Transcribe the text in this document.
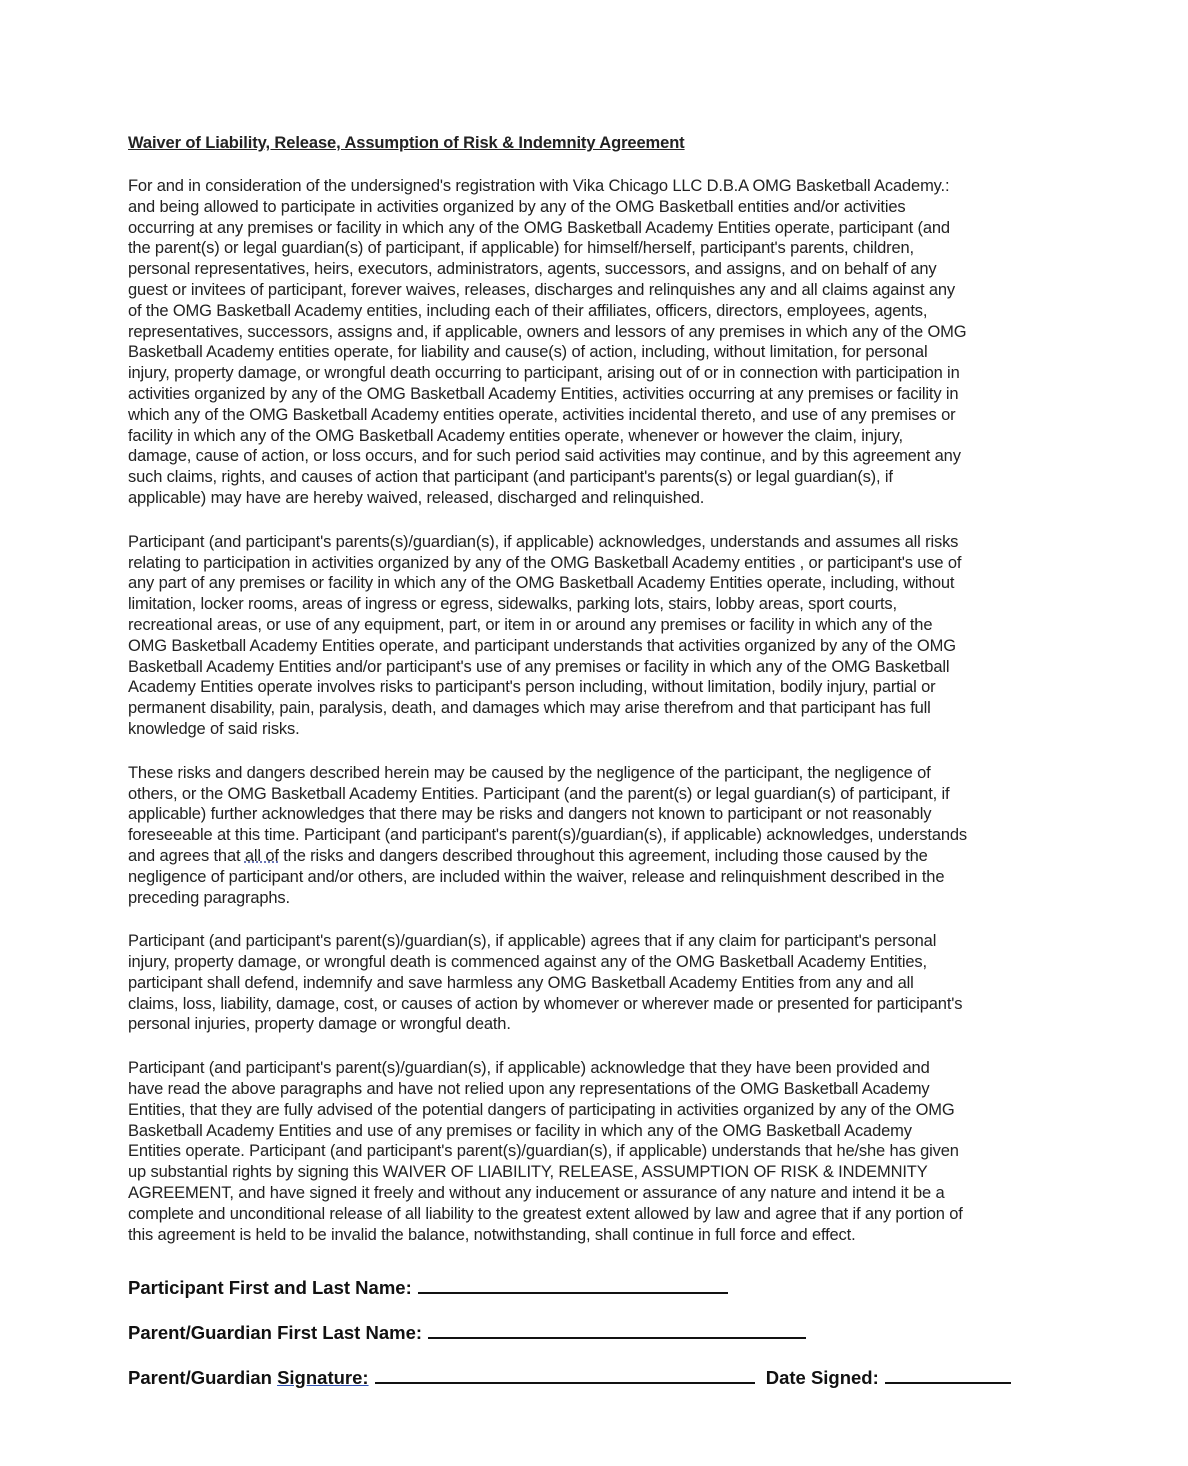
Waiver of Liability, Release, Assumption of Risk & Indemnity Agreement

For and in consideration of the undersigned's registration with Vika Chicago LLC D.B.A OMG Basketball Academy.:
and being allowed to participate in activities organized by any of the OMG Basketball entities and/or activities
occurring at any premises or facility in which any of the OMG Basketball Academy Entities operate, participant (and
the parent(s) or legal guardian(s) of participant, if applicable) for himself/herself, participant's parents, children,
personal representatives, heirs, executors, administrators, agents, successors, and assigns, and on behalf of any
guest or invitees of participant, forever waives, releases, discharges and relinquishes any and all claims against any
of the OMG Basketball Academy entities, including each of their affiliates, officers, directors, employees, agents,
representatives, successors, assigns and, if applicable, owners and lessors of any premises in which any of the OMG
Basketball Academy entities operate, for liability and cause(s) of action, including, without limitation, for personal
injury, property damage, or wrongful death occurring to participant, arising out of or in connection with participation in
activities organized by any of the OMG Basketball Academy Entities, activities occurring at any premises or facility in
which any of the OMG Basketball Academy entities operate, activities incidental thereto, and use of any premises or
facility in which any of the OMG Basketball Academy entities operate, whenever or however the claim, injury,
damage, cause of action, or loss occurs, and for such period said activities may continue, and by this agreement any
such claims, rights, and causes of action that participant (and participant's parents(s) or legal guardian(s), if
applicable) may have are hereby waived, released, discharged and relinquished.

Participant (and participant's parents(s)/guardian(s), if applicable) acknowledges, understands and assumes all risks
relating to participation in activities organized by any of the OMG Basketball Academy entities , or participant's use of
any part of any premises or facility in which any of the OMG Basketball Academy Entities operate, including, without
limitation, locker rooms, areas of ingress or egress, sidewalks, parking lots, stairs, lobby areas, sport courts,
recreational areas, or use of any equipment, part, or item in or around any premises or facility in which any of the
OMG Basketball Academy Entities operate, and participant understands that activities organized by any of the OMG
Basketball Academy Entities and/or participant's use of any premises or facility in which any of the OMG Basketball
Academy Entities operate involves risks to participant's person including, without limitation, bodily injury, partial or
permanent disability, pain, paralysis, death, and damages which may arise therefrom and that participant has full
knowledge of said risks.

These risks and dangers described herein may be caused by the negligence of the participant, the negligence of
others, or the OMG Basketball Academy Entities. Participant (and the parent(s) or legal guardian(s) of participant, if
applicable) further acknowledges that there may be risks and dangers not known to participant or not reasonably
foreseeable at this time. Participant (and participant's parent(s)/guardian(s), if applicable) acknowledges, understands
and agrees that all of the risks and dangers described throughout this agreement, including those caused by the
negligence of participant and/or others, are included within the waiver, release and relinquishment described in the
preceding paragraphs.

Participant (and participant's parent(s)/guardian(s), if applicable) agrees that if any claim for participant's personal
injury, property damage, or wrongful death is commenced against any of the OMG Basketball Academy Entities,
participant shall defend, indemnify and save harmless any OMG Basketball Academy Entities from any and all
claims, loss, liability, damage, cost, or causes of action by whomever or wherever made or presented for participant's
personal injuries, property damage or wrongful death.

Participant (and participant's parent(s)/guardian(s), if applicable) acknowledge that they have been provided and
have read the above paragraphs and have not relied upon any representations of the OMG Basketball Academy
Entities, that they are fully advised of the potential dangers of participating in activities organized by any of the OMG
Basketball Academy Entities and use of any premises or facility in which any of the OMG Basketball Academy
Entities operate. Participant (and participant's parent(s)/guardian(s), if applicable) understands that he/she has given
up substantial rights by signing this WAIVER OF LIABILITY, RELEASE, ASSUMPTION OF RISK & INDEMNITY
AGREEMENT, and have signed it freely and without any inducement or assurance of any nature and intend it be a
complete and unconditional release of all liability to the greatest extent allowed by law and agree that if any portion of
this agreement is held to be invalid the balance, notwithstanding, shall continue in full force and effect.

Participant First and Last Name:
Parent/Guardian First Last Name:
Parent/Guardian Signature:	Date Signed:
